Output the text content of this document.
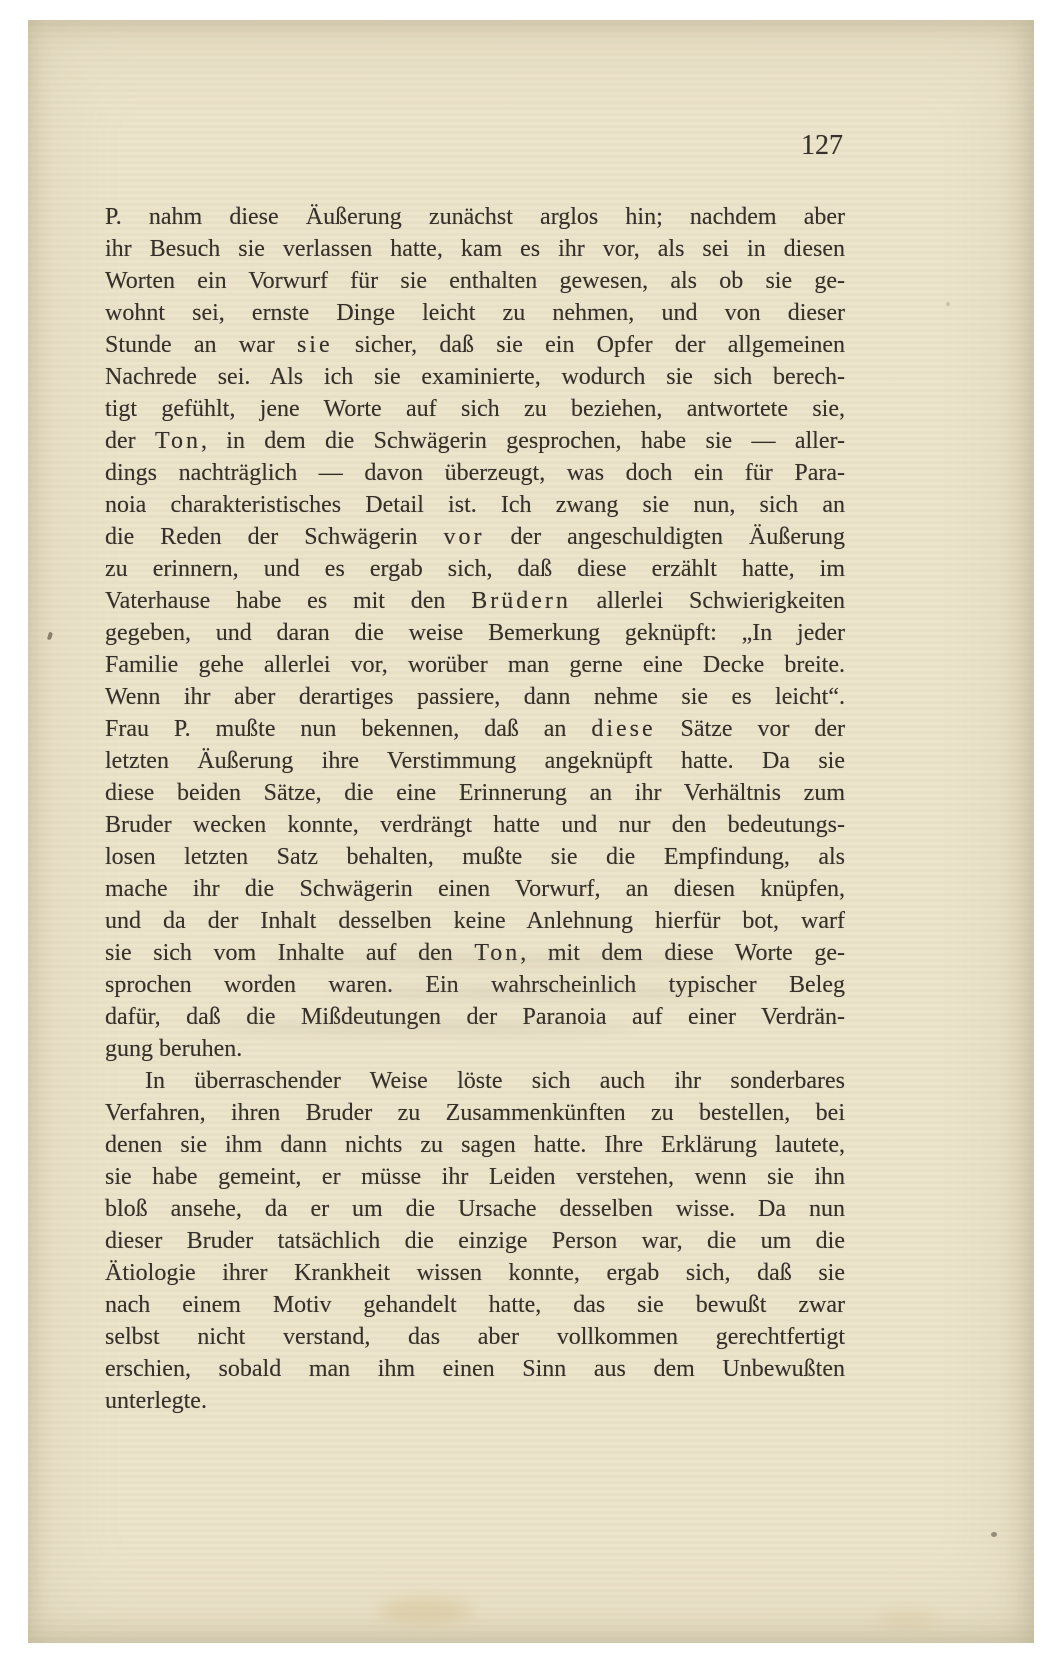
127
P. nahm diese Äußerung zunächst arglos hin; nachdem aber
ihr Besuch sie verlassen hatte, kam es ihr vor, als sei in diesen
Worten ein Vorwurf für sie enthalten gewesen, als ob sie ge-
wohnt sei, ernste Dinge leicht zu nehmen, und von dieser
Stunde an war sie sicher, daß sie ein Opfer der allgemeinen
Nachrede sei. Als ich sie examinierte, wodurch sie sich berech-
tigt gefühlt, jene Worte auf sich zu beziehen, antwortete sie,
der Ton, in dem die Schwägerin gesprochen, habe sie — aller-
dings nachträglich — davon überzeugt, was doch ein für Para-
noia charakteristisches Detail ist. Ich zwang sie nun, sich an
die Reden der Schwägerin vor der angeschuldigten Äußerung
zu erinnern, und es ergab sich, daß diese erzählt hatte, im
Vaterhause habe es mit den Brüdern allerlei Schwierigkeiten
gegeben, und daran die weise Bemerkung geknüpft: „In jeder
Familie gehe allerlei vor, worüber man gerne eine Decke breite.
Wenn ihr aber derartiges passiere, dann nehme sie es leicht“.
Frau P. mußte nun bekennen, daß an diese Sätze vor der
letzten Äußerung ihre Verstimmung angeknüpft hatte. Da sie
diese beiden Sätze, die eine Erinnerung an ihr Verhältnis zum
Bruder wecken konnte, verdrängt hatte und nur den bedeutungs-
losen letzten Satz behalten, mußte sie die Empfindung, als
mache ihr die Schwägerin einen Vorwurf, an diesen knüpfen,
und da der Inhalt desselben keine Anlehnung hierfür bot, warf
sie sich vom Inhalte auf den Ton, mit dem diese Worte ge-
sprochen worden waren. Ein wahrscheinlich typischer Beleg
dafür, daß die Mißdeutungen der Paranoia auf einer Verdrän-
gung beruhen.
In überraschender Weise löste sich auch ihr sonderbares
Verfahren, ihren Bruder zu Zusammenkünften zu bestellen, bei
denen sie ihm dann nichts zu sagen hatte. Ihre Erklärung lautete,
sie habe gemeint, er müsse ihr Leiden verstehen, wenn sie ihn
bloß ansehe, da er um die Ursache desselben wisse. Da nun
dieser Bruder tatsächlich die einzige Person war, die um die
Ätiologie ihrer Krankheit wissen konnte, ergab sich, daß sie
nach einem Motiv gehandelt hatte, das sie bewußt zwar
selbst nicht verstand, das aber vollkommen gerechtfertigt
erschien, sobald man ihm einen Sinn aus dem Unbewußten
unterlegte.
